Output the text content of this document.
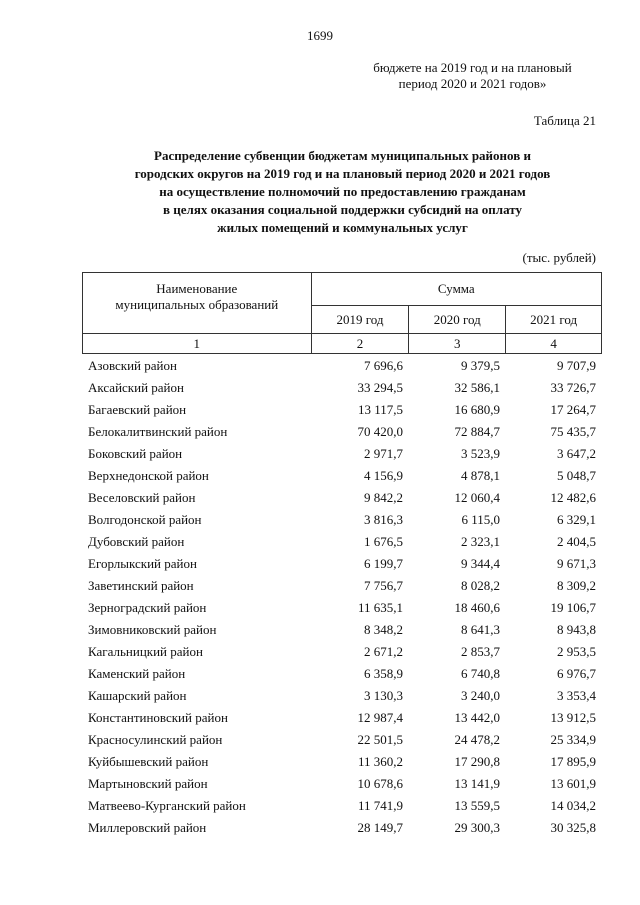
1699
бюджете на 2019 год и на плановый
период 2020 и 2021 годов»
Таблица 21
Распределение субвенции бюджетам муниципальных районов и
городских округов на 2019 год и на плановый период 2020 и 2021 годов
на осуществление полномочий по предоставлению гражданам
в целях оказания социальной поддержки субсидий на оплату
жилых помещений и коммунальных услуг
(тыс. рублей)
Наименование
муниципальных образований	Сумма		
	2019 год	2020 год	2021 год
1	2	3	4
Азовский район	7 696,6	9 379,5	9 707,9
Аксайский район	33 294,5	32 586,1	33 726,7
Багаевский район	13 117,5	16 680,9	17 264,7
Белокалитвинский район	70 420,0	72 884,7	75 435,7
Боковский район	2 971,7	3 523,9	3 647,2
Верхнедонской район	4 156,9	4 878,1	5 048,7
Веселовский район	9 842,2	12 060,4	12 482,6
Волгодонской район	3 816,3	6 115,0	6 329,1
Дубовский район	1 676,5	2 323,1	2 404,5
Егорлыкский район	6 199,7	9 344,4	9 671,3
Заветинский район	7 756,7	8 028,2	8 309,2
Зерноградский район	11 635,1	18 460,6	19 106,7
Зимовниковский район	8 348,2	8 641,3	8 943,8
Кагальницкий район	2 671,2	2 853,7	2 953,5
Каменский район	6 358,9	6 740,8	6 976,7
Кашарский район	3 130,3	3 240,0	3 353,4
Константиновский район	12 987,4	13 442,0	13 912,5
Красносулинский район	22 501,5	24 478,2	25 334,9
Куйбышевский район	11 360,2	17 290,8	17 895,9
Мартыновский район	10 678,6	13 141,9	13 601,9
Матвеево-Курганский район	11 741,9	13 559,5	14 034,2
Миллеровский район	28 149,7	29 300,3	30 325,8
